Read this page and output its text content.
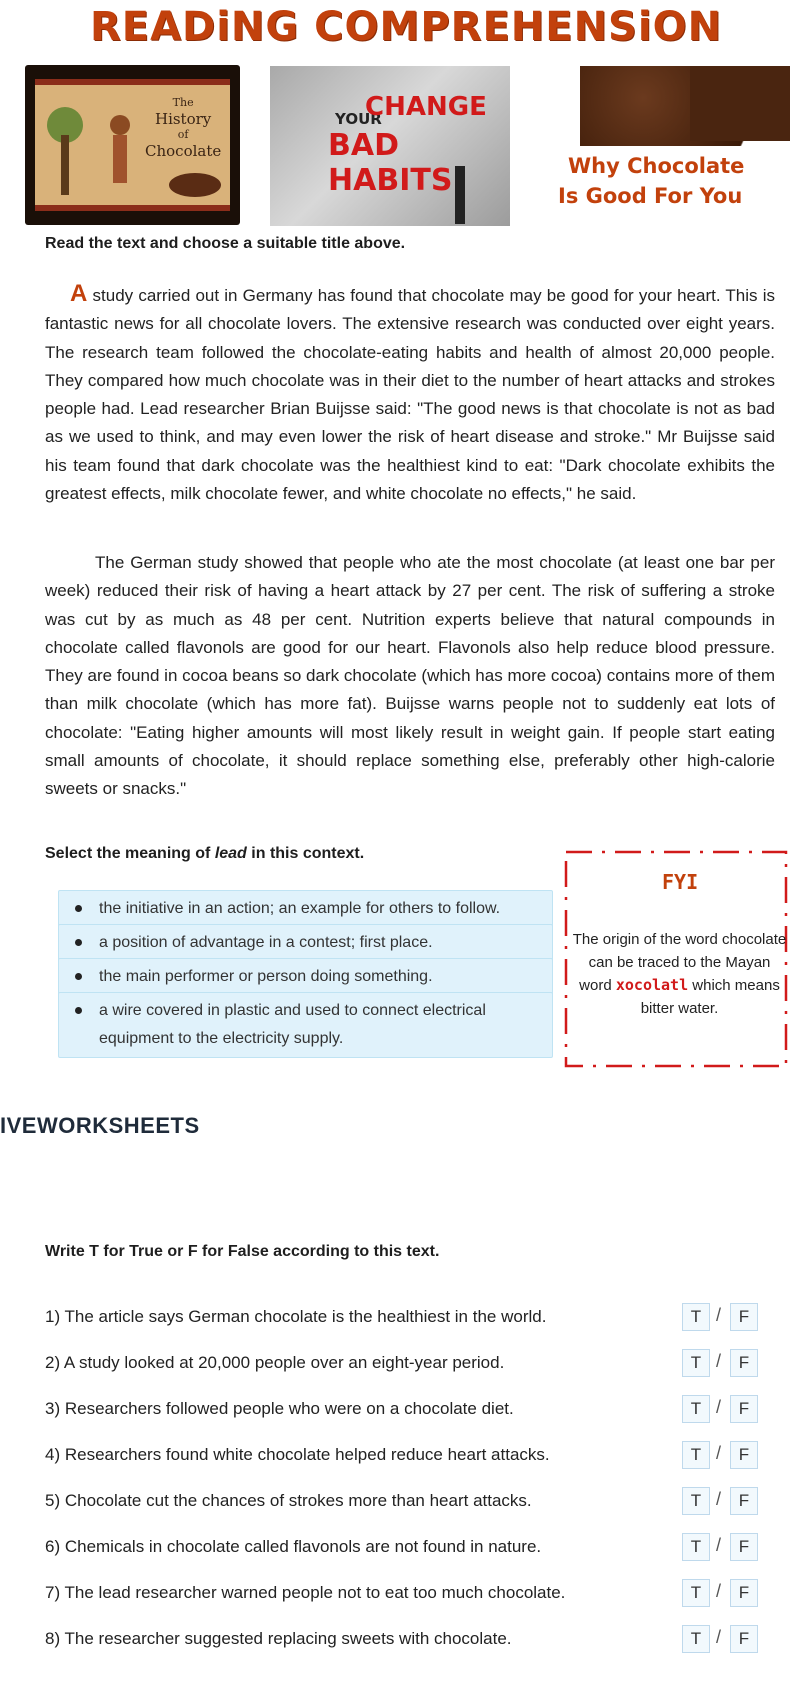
READiNG COMPREHENSiON
The
History
of
Chocolate
YOUR
CHANGE
BAD HABITS	Why Chocolate
Is Good For You
Read the text and choose a suitable title above.

A study carried out in Germany has found that chocolate may be good for your heart. This is fantastic news for all chocolate lovers. The extensive research was conducted over eight years. The research team followed the chocolate-eating habits and health of almost 20,000 people. They compared how much chocolate was in their diet to the number of heart attacks and strokes people had. Lead researcher Brian Buijsse said: "The good news is that chocolate is not as bad as we used to think, and may even lower the risk of heart disease and stroke." Mr Buijsse said his team found that dark chocolate was the healthiest kind to eat: "Dark chocolate exhibits the greatest effects, milk chocolate fewer, and white chocolate no effects," he said.

The German study showed that people who ate the most chocolate (at least one bar per week) reduced their risk of having a heart attack by 27 per cent. The risk of suffering a stroke was cut by as much as 48 per cent. Nutrition experts believe that natural compounds in chocolate called flavonols are good for our heart. Flavonols also help reduce blood pressure. They are found in cocoa beans so dark chocolate (which has more cocoa) contains more of them than milk chocolate (which has more fat). Buijsse warns people not to suddenly eat lots of chocolate: "Eating higher amounts will most likely result in weight gain. If people start eating small amounts of chocolate, it should replace something else, preferably other high-calorie sweets or snacks."

Select the meaning of lead in this context.
the initiative in an action; an example for others to follow.
a position of advantage in a contest; first place.
the main performer or person doing something.
a wire covered in plastic and used to connect electrical equipment to the electricity supply.
FYI
The origin of the word chocolate can be traced to the Mayan word xocolatl which means bitter water.
IVEWORKSHEETS
Write T for True or F for False according to this text.
1) The article says German chocolate is the healthiest in the world.	T /	F
2) A study looked at 20,000 people over an eight-year period.	T /	F
3) Researchers followed people who were on a chocolate diet.	T /	F
4) Researchers found white chocolate helped reduce heart attacks.	T /	F
5) Chocolate cut the chances of strokes more than heart attacks.	T /	F
6) Chemicals in chocolate called flavonols are not found in nature.	T /	F
7) The lead researcher warned people not to eat too much chocolate.	T /	F
8) The researcher suggested replacing sweets with chocolate.	T /	F
